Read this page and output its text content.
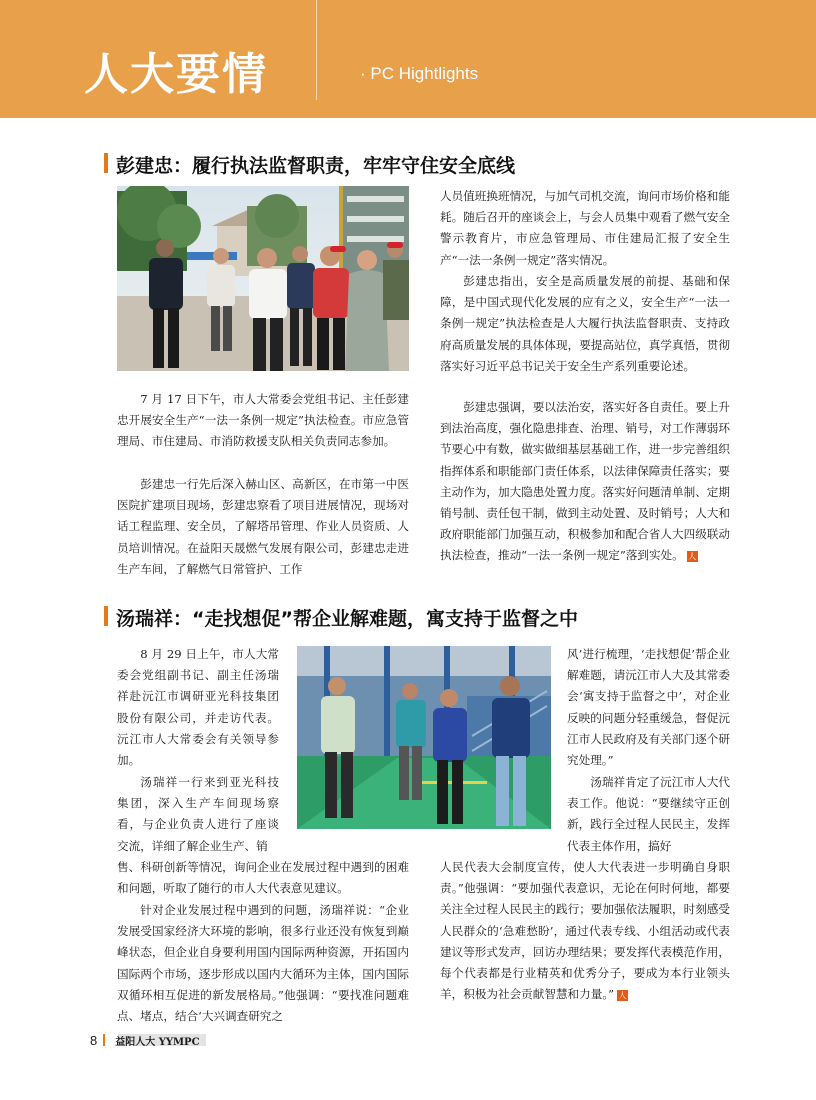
人大要情	· PC Hightlights
彭建忠：履行执法监督职责，牢牢守住安全底线

7 月 17 日下午，市人大常委会党组书记、主任彭建忠开展安全生产“一法一条例一规定”执法检查。市应急管理局、市住建局、市消防救援支队相关负责同志参加。

彭建忠一行先后深入赫山区、高新区，在市第一中医医院扩建项目现场，彭建忠察看了项目进展情况，现场对话工程监理、安全员，了解塔吊管理、作业人员资质、人员培训情况。在益阳天晟燃气发展有限公司，彭建忠走进生产车间，了解燃气日常管护、工作

人员值班换班情况，与加气司机交流，询问市场价格和能耗。随后召开的座谈会上，与会人员集中观看了燃气安全警示教育片，市应急管理局、市住建局汇报了安全生产“一法一条例一规定”落实情况。

彭建忠指出，安全是高质量发展的前提、基础和保障，是中国式现代化发展的应有之义，安全生产“一法一条例一规定”执法检查是人大履行执法监督职责、支持政府高质量发展的具体体现，要提高站位，真学真悟，贯彻落实好习近平总书记关于安全生产系列重要论述。

彭建忠强调，要以法治安，落实好各自责任。要上升到法治高度，强化隐患排查、治理、销号，对工作薄弱环节要心中有数，做实做细基层基础工作，进一步完善组织指挥体系和职能部门责任体系，以法律保障责任落实；要主动作为，加大隐患处置力度。落实好问题清单制、定期销号制、责任包干制，做到主动处置、及时销号；人大和政府职能部门加强互动，积极参加和配合省人大四级联动执法检查，推动“一法一条例一规定”落到实处。 人

汤瑞祥：“走找想促”帮企业解难题，寓支持于监督之中

8 月 29 日上午，市人大常委会党组副书记、副主任汤瑞祥赴沅江市调研亚光科技集团股份有限公司，并走访代表。沅江市人大常委会有关领导参加。

汤瑞祥一行来到亚光科技集团，深入生产车间现场察看，与企业负责人进行了座谈交流，详细了解企业生产、销

售、科研创新等情况，询问企业在发展过程中遇到的困难和问题，听取了随行的市人大代表意见建议。

针对企业发展过程中遇到的问题，汤瑞祥说：“企业发展受国家经济大环境的影响，很多行业还没有恢复到巅峰状态，但企业自身要利用国内国际两种资源，开拓国内国际两个市场，逐步形成以国内大循环为主体，国内国际双循环相互促进的新发展格局。”他强调：“要找准问题难点、堵点，结合‘大兴调查研究之

风’进行梳理，‘走找想促’帮企业解难题，请沅江市人大及其常委会‘寓支持于监督之中’，对企业反映的问题分轻重缓急，督促沅江市人民政府及有关部门逐个研究处理。”

汤瑞祥肯定了沅江市人大代表工作。他说：“要继续守正创新，践行全过程人民民主，发挥代表主体作用，搞好

人民代表大会制度宣传，使人大代表进一步明确自身职责。”他强调：“要加强代表意识，无论在何时何地，都要关注全过程人民民主的践行；要加强依法履职，时刻感受人民群众的‘急难愁盼’，通过代表专线、小组活动或代表建议等形式发声，回访办理结果；要发挥代表模范作用，每个代表都是行业精英和优秀分子，要成为本行业领头羊，积极为社会贡献智慧和力量。” 人

8 益阳人大 YYMPC
